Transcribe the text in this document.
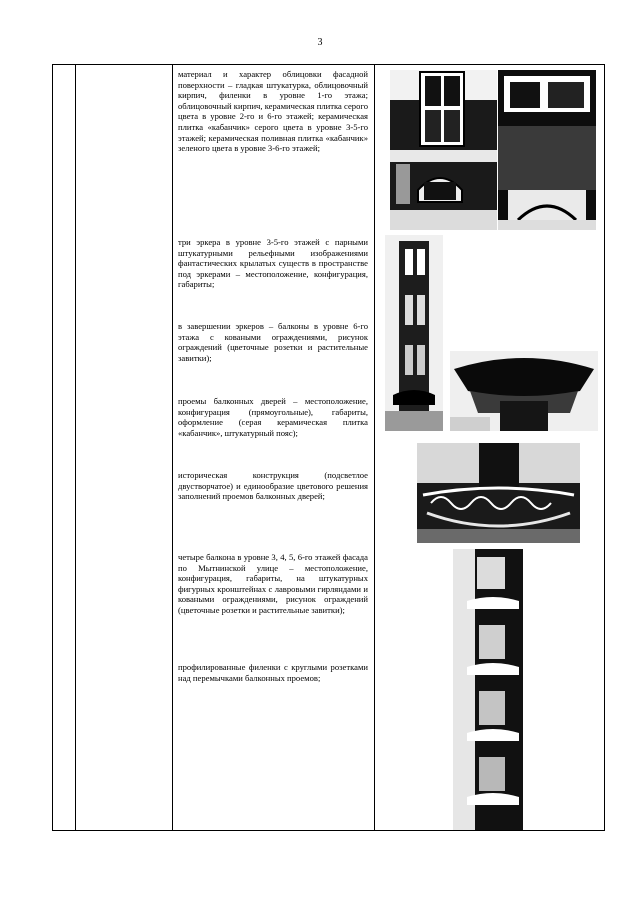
3

материал и характер облицовки фасадной поверхности – гладкая штукатурка, облицовочный кирпич, филенки в уровне 1-го этажа; облицовочный кирпич, керамическая плитка серого цвета в уровне 2-го и 6-го этажей; керамическая плитка «кабанчик» серого цвета в уровне 3-5-го этажей; керамическая поливная плитка «кабанчик» зеленого цвета в уровне 3-6-го этажей;

три эркера в уровне 3-5-го этажей с парными штукатурными рельефными изображениями фантастических крылатых существ в пространстве под эркерами – местоположение, конфигурация, габариты;

в завершении эркеров – балконы в уровне 6-го этажа с коваными ограждениями, рисунок ограждений (цветочные розетки и растительные завитки);

проемы балконных дверей – местоположение, конфигурация (прямоугольные), габариты, оформление (серая керамическая плитка «кабанчик», штукатурный пояс);

историческая конструкция (подсветлое двустворчатое) и единообразие цветового решения заполнений проемов балконных дверей;

четыре балкона в уровне 3, 4, 5, 6-го этажей фасада по Мытнинской улице – местоположение, конфигурация, габариты, на штукатурных фигурных кронштейнах с лавровыми гирляндами и коваными ограждениями, рисунок ограждений (цветочные розетки и растительные завитки);

профилированные филенки с круглыми розетками над перемычками балконных проемов;
